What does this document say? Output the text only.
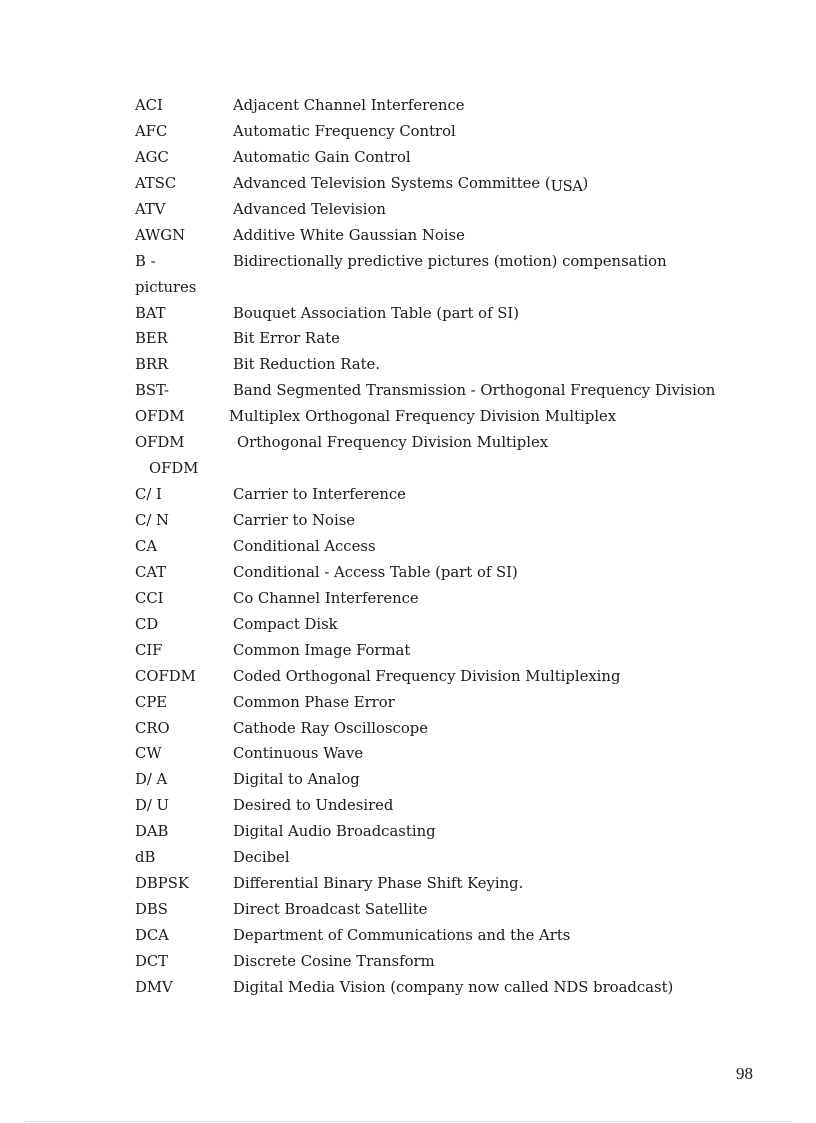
ACI	Adjacent Channel Interference
AFC	Automatic Frequency Control
AGC	Automatic Gain Control
ATSC	Advanced Television Systems Committee (USA)
ATV	Advanced Television
AWGN	Additive White Gaussian Noise
B -	Bidirectionally predictive pictures (motion) compensation
pictures
BAT	Bouquet Association Table (part of SI)
BER	Bit Error Rate
BRR	Bit Reduction Rate.
BST-	Band Segmented Transmission - Orthogonal Frequency Division
OFDM	Multiplex Orthogonal Frequency Division Multiplex
OFDM	Orthogonal Frequency Division Multiplex
OFDM
C/ I	Carrier to Interference
C/ N	Carrier to Noise
CA	Conditional Access
CAT	Conditional - Access Table (part of SI)
CCI	Co Channel Interference
CD	Compact Disk
CIF	Common Image Format
COFDM	Coded Orthogonal Frequency Division Multiplexing
CPE	Common Phase Error
CRO	Cathode Ray Oscilloscope
CW	Continuous Wave
D/ A	Digital to Analog
D/ U	Desired to Undesired
DAB	Digital Audio Broadcasting
dB	Decibel
DBPSK	Differential Binary Phase Shift Keying.
DBS	Direct Broadcast Satellite
DCA	Department of Communications and the Arts
DCT	Discrete Cosine Transform
DMV	Digital Media Vision (company now called NDS broadcast)
98
